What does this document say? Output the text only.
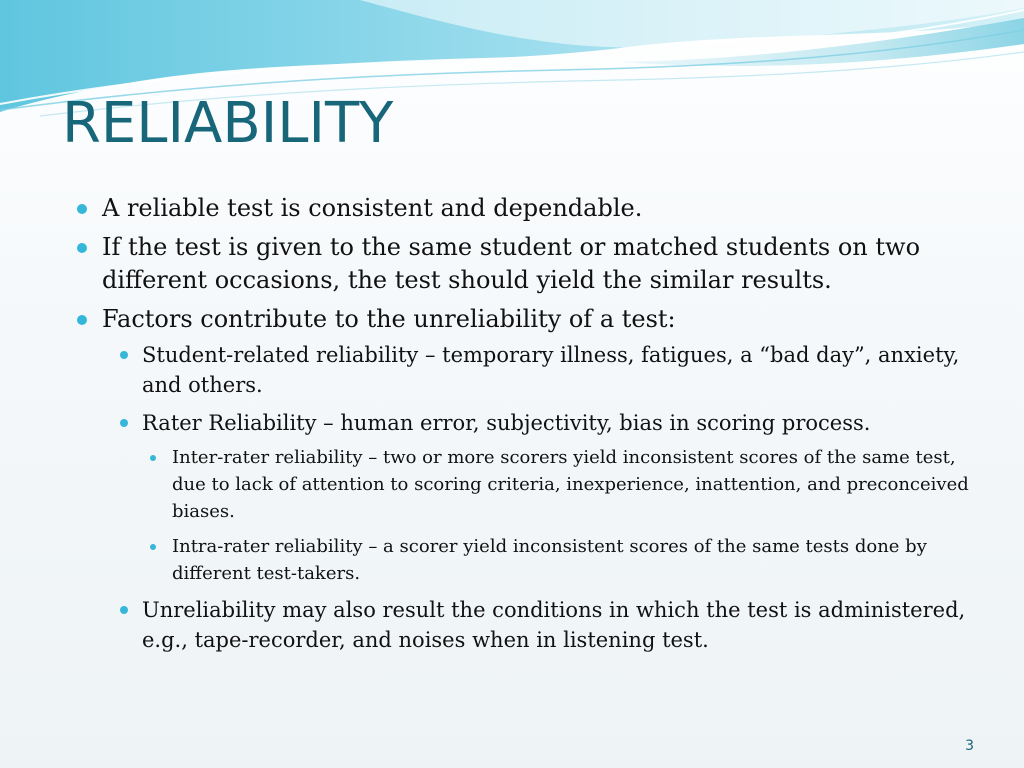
RELIABILITY
A reliable test is consistent and dependable.
If the test is given to the same student or matched students on two different occasions, the test should yield the similar results.
Factors contribute to the unreliability of a test:
Student-related reliability – temporary illness, fatigues, a “bad day”, anxiety, and others.
Rater Reliability – human error, subjectivity, bias in scoring process.
Inter-rater reliability – two or more scorers yield inconsistent scores of the same test, due to lack of attention to scoring criteria, inexperience, inattention, and preconceived biases.
Intra-rater reliability – a scorer yield inconsistent scores of the same tests done by different test-takers.
Unreliability may also result the conditions in which the test is administered, e.g., tape-recorder, and noises when in listening test.
3
